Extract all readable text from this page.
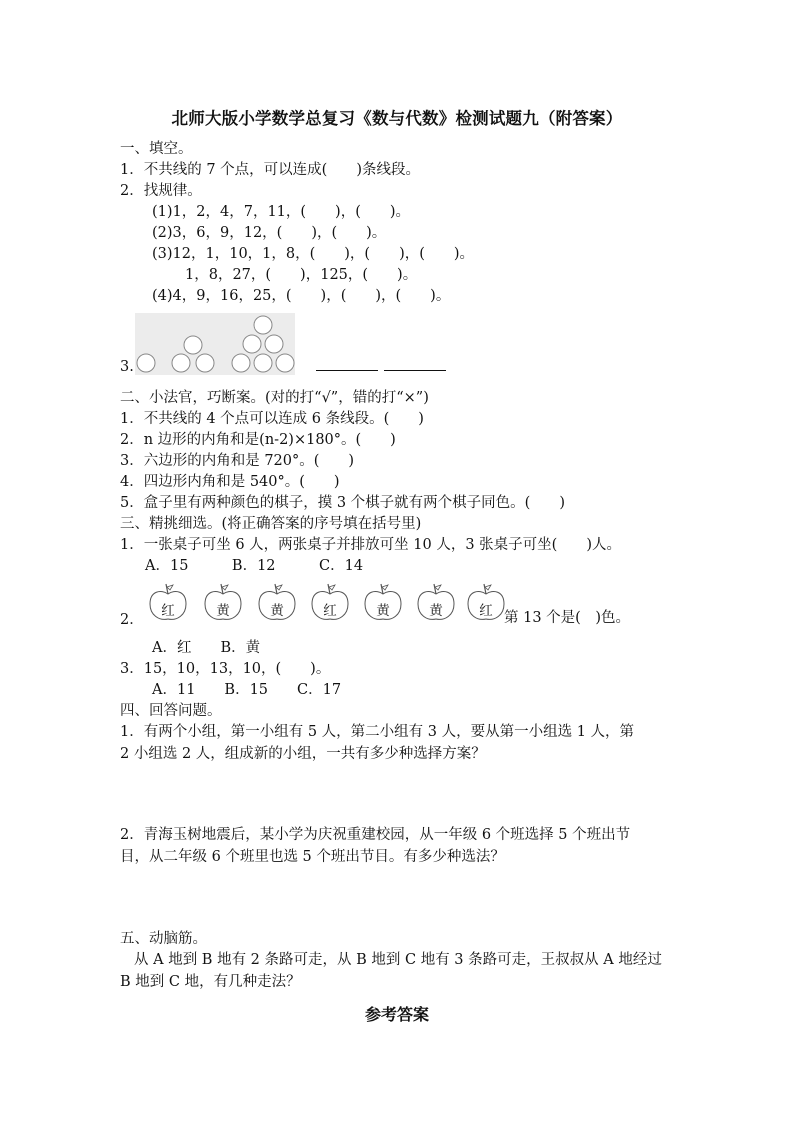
北师大版小学数学总复习《数与代数》检测试题九（附答案）
一、填空。
1．不共线的 7 个点，可以连成(　　)条线段。
2．找规律。
(1)1，2，4，7，11，(　　)，(　　)。
(2)3，6，9，12，(　　)，(　　)。
(3)12，1，10，1，8，(　　)，(　　)，(　　)。
1，8，27，(　　)，125，(　　)。
(4)4，9，16，25，(　　)，(　　)，(　　)。
3.
二、小法官，巧断案。(对的打“√”，错的打“×”)
1．不共线的 4 个点可以连成 6 条线段。(　　)
2．n 边形的内角和是(n-2)×180°。(　　)
3．六边形的内角和是 720°。(　　)
4．四边形内角和是 540°。(　　)
5．盒子里有两种颜色的棋子，摸 3 个棋子就有两个棋子同色。(　　)
三、精挑细选。(将正确答案的序号填在括号里)
1．一张桌子可坐 6 人，两张桌子并排放可坐 10 人，3 张桌子可坐(　　)人。
A．15　　　B．12　　　C．14
2．
红	黄	黄	红	黄	黄	红 第 13 个是(　)色。
A．红　　B．黄
3．15，10，13，10，(　　)。
A．11　　B．15　　C．17
四、回答问题。
1．有两个小组，第一小组有 5 人，第二小组有 3 人，要从第一小组选 1 人，第
2 小组选 2 人，组成新的小组，一共有多少种选择方案？
2．青海玉树地震后，某小学为庆祝重建校园，从一年级 6 个班选择 5 个班出节
目，从二年级 6 个班里也选 5 个班出节目。有多少种选法？
五、动脑筋。
从 A 地到 B 地有 2 条路可走，从 B 地到 C 地有 3 条路可走，王叔叔从 A 地经过
B 地到 C 地，有几种走法？
参考答案
